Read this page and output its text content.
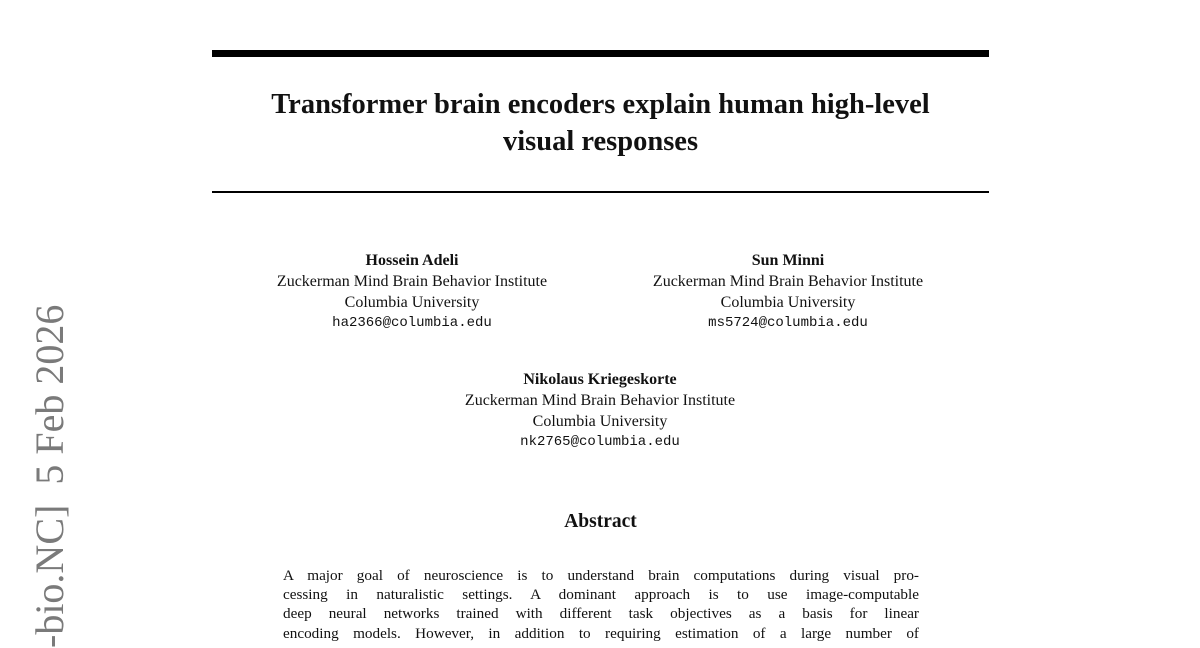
Transformer brain encoders explain human high-level
visual responses
Hossein Adeli
Zuckerman Mind Brain Behavior Institute
Columbia University
ha2366@columbia.edu
Sun Minni
Zuckerman Mind Brain Behavior Institute
Columbia University
ms5724@columbia.edu
Nikolaus Kriegeskorte
Zuckerman Mind Brain Behavior Institute
Columbia University
nk2765@columbia.edu
Abstract

A major goal of neuroscience is to understand brain computations during visual pro-
cessing in naturalistic settings. A dominant approach is to use image-computable
deep neural networks trained with different task objectives as a basis for linear
encoding models. However, in addition to requiring estimation of a large number of

-bio.NC]  5 Feb 2026
